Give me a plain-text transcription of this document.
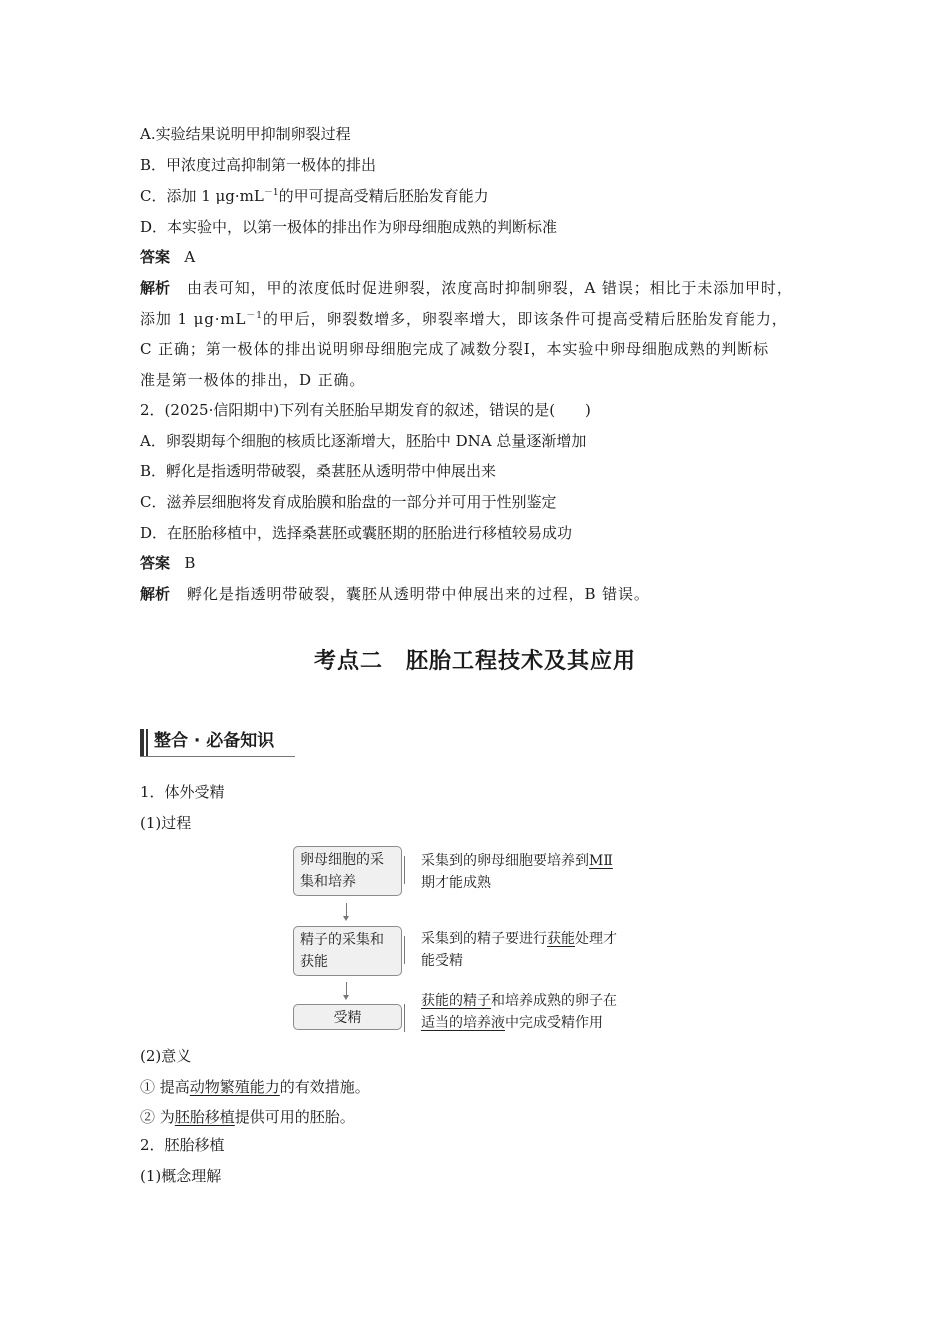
A.实验结果说明甲抑制卵裂过程
B．甲浓度过高抑制第一极体的排出
C．添加 1 $\mu g\cdot mL^{-1}$的甲可提高受精后胚胎发育能力
D．本实验中，以第一极体的排出作为卵母细胞成熟的判断标准
答案 A
解析 由表可知，甲的浓度低时促进卵裂，浓度高时抑制卵裂，A 错误；相比于未添加甲时，
添加 1 $\mu g\cdot mL^{-1}$的甲后，卵裂数增多，卵裂率增大，即该条件可提高受精后胚胎发育能力，
C 正确；第一极体的排出说明卵母细胞完成了减数分裂Ⅰ，本实验中卵母细胞成熟的判断标
准是第一极体的排出，D 正确。
2．(2025·信阳期中)下列有关胚胎早期发育的叙述，错误的是(　　)
A．卵裂期每个细胞的核质比逐渐增大，胚胎中 DNA 总量逐渐增加
B．孵化是指透明带破裂，桑葚胚从透明带中伸展出来
C．滋养层细胞将发育成胎膜和胎盘的一部分并可用于性别鉴定
D．在胚胎移植中，选择桑葚胚或囊胚期的胚胎进行移植较易成功
答案 B
解析 孵化是指透明带破裂，囊胚从透明带中伸展出来的过程，B 错误。
考点二　胚胎工程技术及其应用
整合 · 必备知识
1．体外受精
(1)过程
卵母细胞的采
集和培养
采集到的卵母细胞要培养到MⅡ
期才能成熟
精子的采集和
获能
采集到的精子要进行获能处理才
能受精
受精
获能的精子和培养成熟的卵子在
适当的培养液中完成受精作用
(2)意义
① 提高动物繁殖能力的有效措施。
② 为胚胎移植提供可用的胚胎。
2．胚胎移植
(1)概念理解
